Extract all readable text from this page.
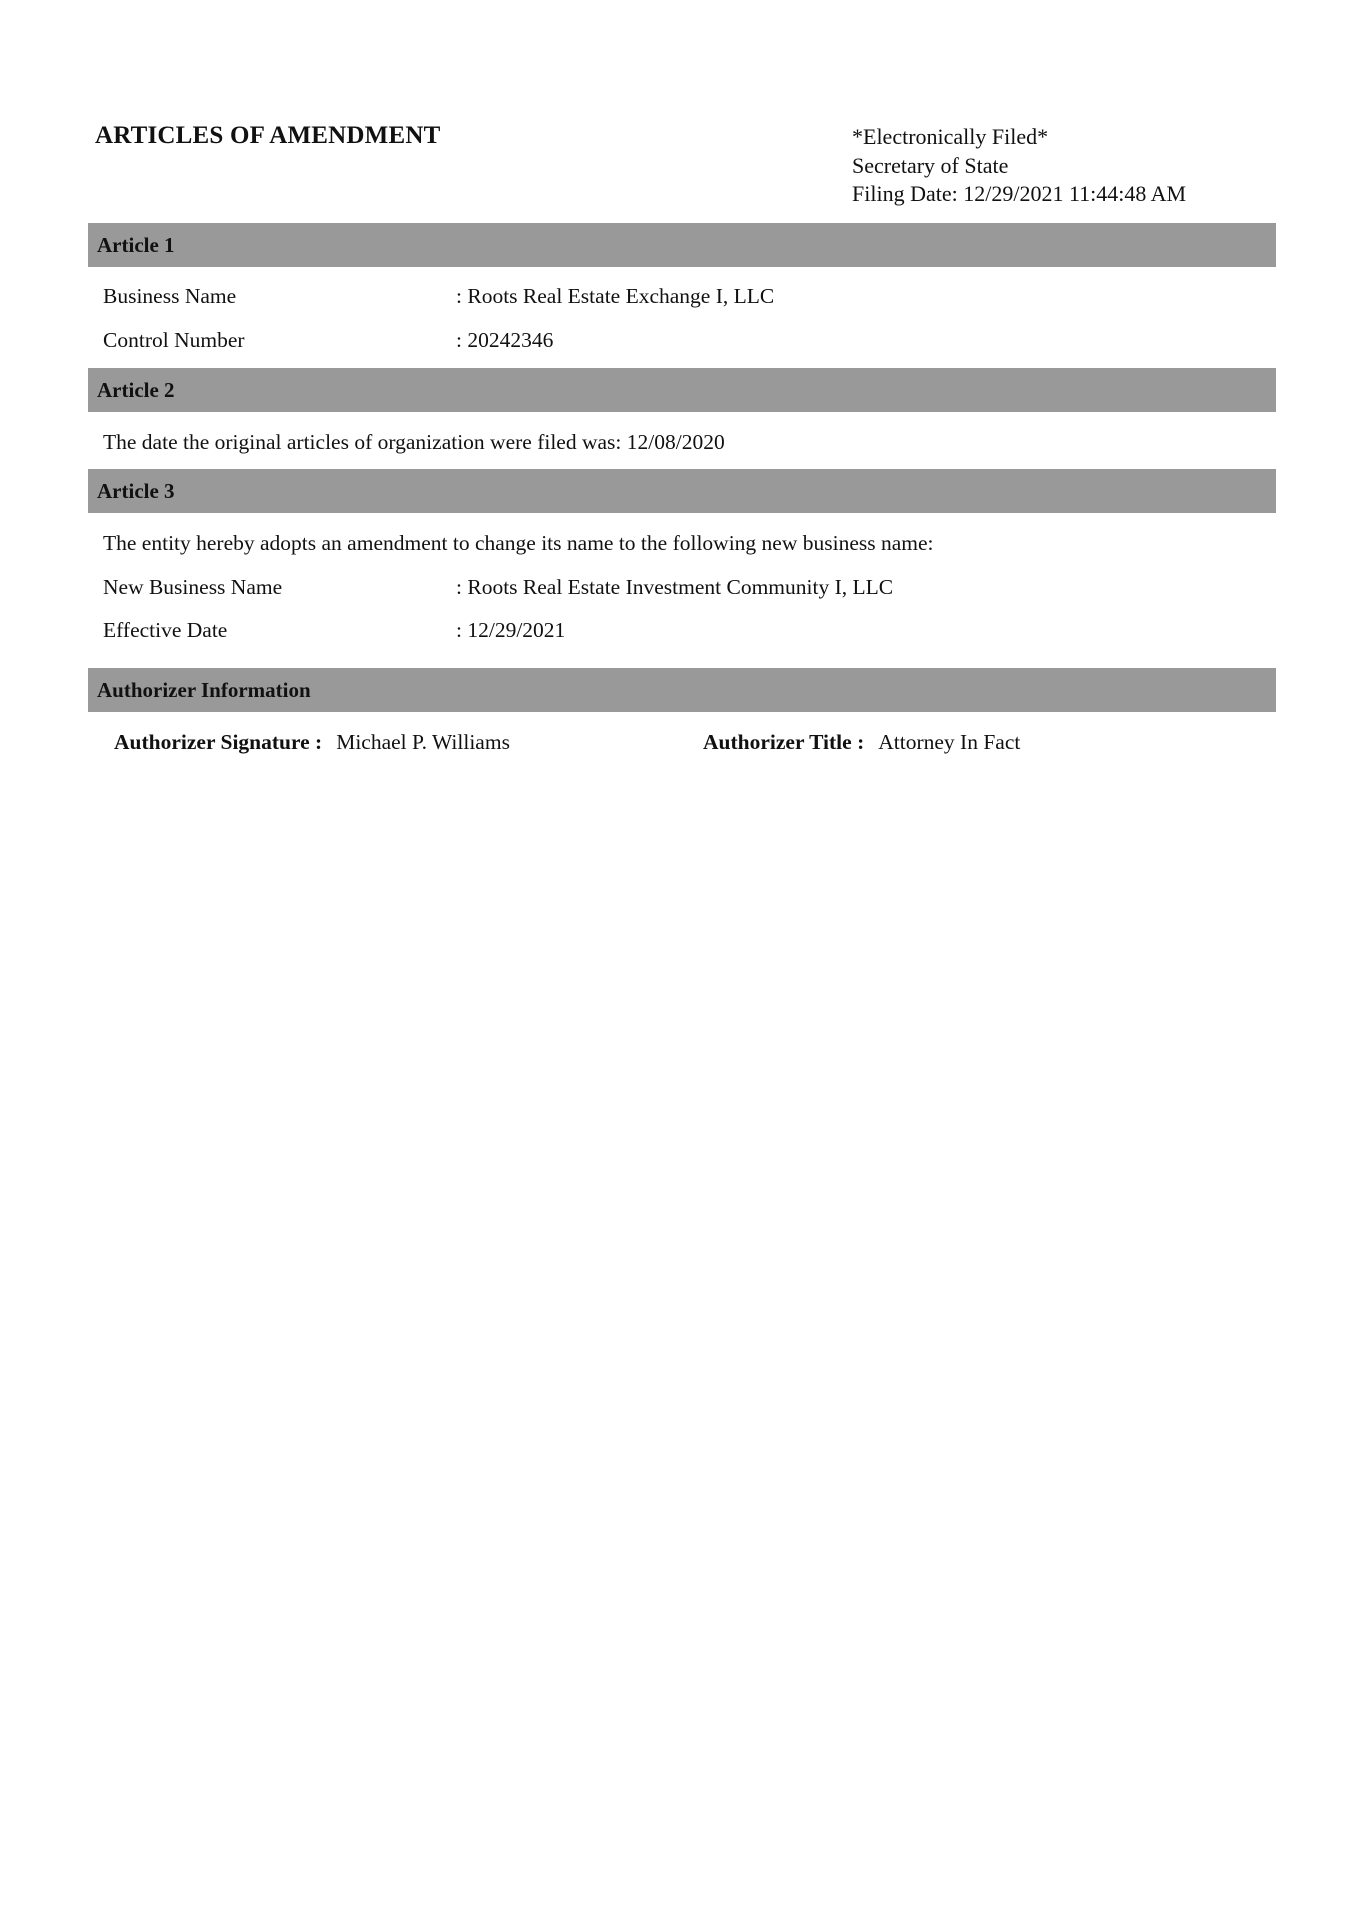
ARTICLES OF AMENDMENT	*Electronically Filed*
Secretary of State
Filing Date: 12/29/2021 11:44:48 AM
Article 1
Business Name	: Roots Real Estate Exchange I, LLC
Control Number	: 20242346
Article 2
The date the original articles of organization were filed was: 12/08/2020
Article 3
The entity hereby adopts an amendment to change its name to the following new business name:
New Business Name	: Roots Real Estate Investment Community I, LLC
Effective Date	: 12/29/2021
Authorizer Information
Authorizer Signature : Michael P. Williams	Authorizer Title : Attorney In Fact
